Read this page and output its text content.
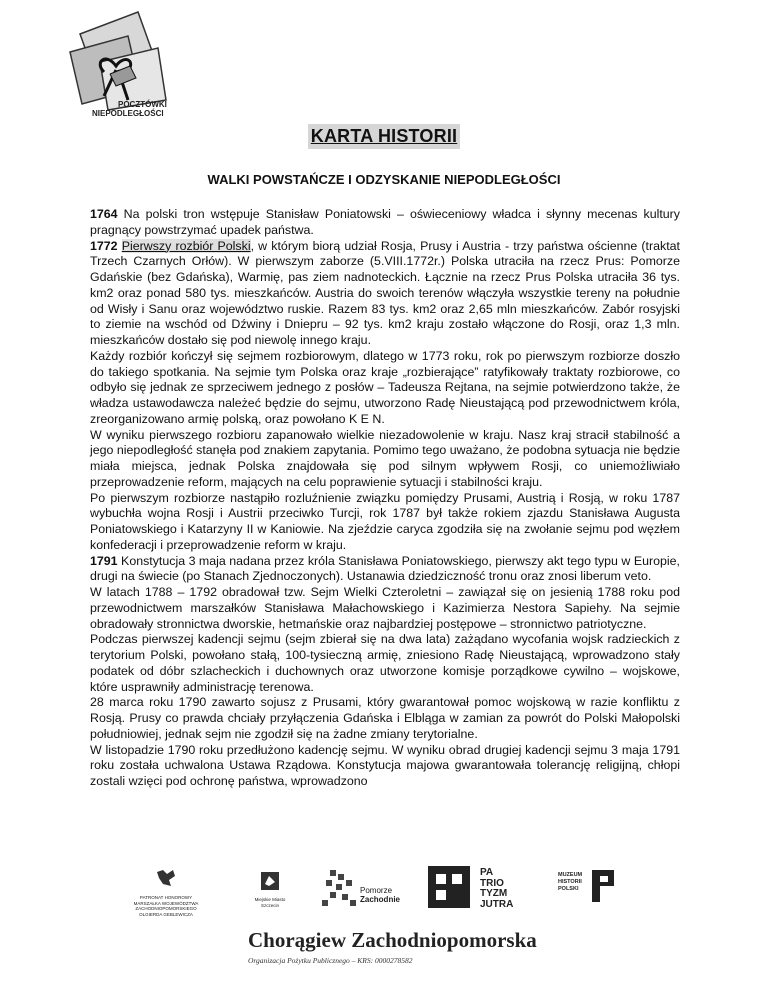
POCZTÓWKI
NIEPODLEGŁOŚCI
KARTA HISTORII
WALKI POWSTAŃCZE I ODZYSKANIE NIEPODLEGŁOŚCI

1764 Na polski tron wstępuje Stanisław Poniatowski – oświeceniowy władca i słynny mecenas kultury pragnący powstrzymać upadek państwa.

1772 Pierwszy rozbiór Polski, w którym biorą udział Rosja, Prusy i Austria - trzy państwa ościenne (traktat Trzech Czarnych Orłów). W pierwszym zaborze (5.VIII.1772r.) Polska utraciła na rzecz Prus: Pomorze Gdańskie (bez Gdańska), Warmię, pas ziem nadnoteckich. Łącznie na rzecz Prus Polska utraciła 36 tys. km2 oraz ponad 580 tys. mieszkańców. Austria do swoich terenów włączyła wszystkie tereny na południe od Wisły i Sanu oraz województwo ruskie. Razem 83 tys. km2 oraz 2,65 mln mieszkańców. Zabór rosyjski to ziemie na wschód od Dźwiny i Dniepru – 92 tys. km2 kraju zostało włączone do Rosji, oraz 1,3 mln. mieszkańców dostało się pod niewolę innego kraju.

Każdy rozbiór kończył się sejmem rozbiorowym, dlatego w 1773 roku, rok po pierwszym rozbiorze doszło do takiego spotkania. Na sejmie tym Polska oraz kraje „rozbierające” ratyfikowały traktaty rozbiorowe, co odbyło się jednak ze sprzeciwem jednego z posłów – Tadeusza Rejtana, na sejmie potwierdzono także, że władza ustawodawcza należeć będzie do sejmu, utworzono Radę Nieustającą pod przewodnictwem króla, zreorganizowano armię polską, oraz powołano K E N.

W wyniku pierwszego rozbioru zapanowało wielkie niezadowolenie w kraju. Nasz kraj stracił stabilność a jego niepodległość stanęła pod znakiem zapytania. Pomimo tego uważano, że podobna sytuacja nie będzie miała miejsca, jednak Polska znajdowała się pod silnym wpływem Rosji, co uniemożliwiało przeprowadzenie reform, mających na celu poprawienie sytuacji i stabilności kraju.

Po pierwszym rozbiorze nastąpiło rozluźnienie związku pomiędzy Prusami, Austrią i Rosją, w roku 1787 wybuchła wojna Rosji i Austrii przeciwko Turcji, rok 1787 był także rokiem zjazdu Stanisława Augusta Poniatowskiego i Katarzyny II w Kaniowie. Na zjeździe caryca zgodziła się na zwołanie sejmu pod węzłem konfederacji i przeprowadzenie reform w kraju.

1791 Konstytucja 3 maja nadana przez króla Stanisława Poniatowskiego, pierwszy akt tego typu w Europie, drugi na świecie (po Stanach Zjednoczonych). Ustanawia dziedziczność tronu oraz znosi liberum veto.

W latach 1788 – 1792 obradował tzw. Sejm Wielki Czteroletni – zawiązał się on jesienią 1788 roku pod przewodnictwem marszałków Stanisława Małachowskiego i Kazimierza Nestora Sapiehy. Na sejmie obradowały stronnictwa dworskie, hetmańskie oraz najbardziej postępowe – stronnictwo patriotyczne.

Podczas pierwszej kadencji sejmu (sejm zbierał się na dwa lata) zażądano wycofania wojsk radzieckich z terytorium Polski, powołano stałą, 100-tysieczną armię, zniesiono Radę Nieustającą, wprowadzono stały podatek od dóbr szlacheckich i duchownych oraz utworzone komisje porządkowe cywilno – wojskowe, które usprawniły administrację terenowa.

28 marca roku 1790 zawarto sojusz z Prusami, który gwarantował pomoc wojskową w razie konfliktu z Rosją. Prusy co prawda chciały przyłączenia Gdańska i Elbląga w zamian za powrót do Polski Małopolski południowiej, jednak sejm nie zgodził się na żadne zmiany terytorialne.

W listopadzie 1790 roku przedłużono kadencję sejmu. W wyniku obrad drugiej kadencji sejmu 3 maja 1791 roku została uchwalona Ustawa Rządowa. Konstytucja majowa gwarantowała tolerancję religijną, chłopi zostali wzięci pod ochronę państwa, wprowadzono

PATRONAT HONOROWY
MARSZAŁKA WOJEWÓDZTWA
ZACHODNIOPOMORSKIEGO
OLGIERDA GEBLEWICZA
Miejskie Miasto
Szczecin
Pomorze
Zachodnie
PA
TRIO
TYZM
JUTRA
MUZEUM
HISTORII
POLSKI
Chorągiew Zachodniopomorska
Organizacja Pożytku Publicznego – KRS: 0000278582
